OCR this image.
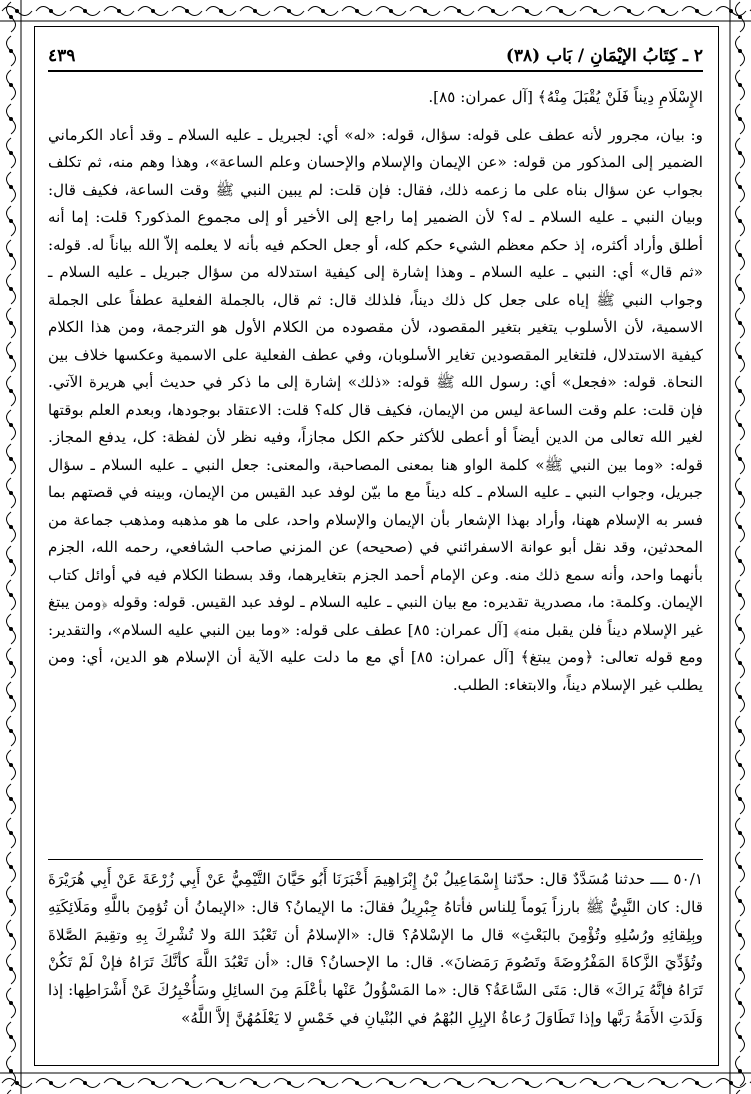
٢ ـ كِتَابُ الإيْمَانِ / بَاب (٣٨)
٤٣٩

الإِسْلَامِ دِيناً فَلَنْ يُقْبَلَ مِنْهُ﴾ [آل عمران: ٨٥].

و: بيان، مجرور لأنه عطف على قوله: سؤال، قوله: «له» أي: لجبريل ـ عليه السلام ـ وقد أعاد الكرماني الضمير إلى المذكور من قوله: «عن الإيمان والإسلام والإحسان وعلم الساعة»، وهذا وهم منه، ثم تكلف بجواب عن سؤال بناه على ما زعمه ذلك، فقال: فإن قلت: لم يبين النبي ﷺ وقت الساعة، فكيف قال: وبيان النبي ـ عليه السلام ـ له؟ لأن الضمير إما راجع إلى الأخير أو إلى مجموع المذكور؟ قلت: إما أنه أطلق وأراد أكثره، إذ حكم معظم الشيء حكم كله، أو جعل الحكم فيه بأنه لا يعلمه إلاّ الله بياناً له. قوله: «ثم قال» أي: النبي ـ عليه السلام ـ وهذا إشارة إلى كيفية استدلاله من سؤال جبريل ـ عليه السلام ـ وجواب النبي ﷺ إياه على جعل كل ذلك ديناً، فلذلك قال: ثم قال، بالجملة الفعلية عطفاً على الجملة الاسمية، لأن الأسلوب يتغير بتغير المقصود، لأن مقصوده من الكلام الأول هو الترجمة، ومن هذا الكلام كيفية الاستدلال، فلتغاير المقصودين تغاير الأسلوبان، وفي عطف الفعلية على الاسمية وعكسها خلاف بين النحاة. قوله: «فجعل» أي: رسول الله ﷺ قوله: «ذلك» إشارة إلى ما ذكر في حديث أبي هريرة الآتي. فإن قلت: علم وقت الساعة ليس من الإيمان، فكيف قال كله؟ قلت: الاعتقاد بوجودها، وبعدم العلم بوقتها لغير الله تعالى من الدين أيضاً أو أعطى للأكثر حكم الكل مجازاً، وفيه نظر لأن لفظة: كل، يدفع المجاز. قوله: «وما بين النبي ﷺ» كلمة الواو هنا بمعنى المصاحبة، والمعنى: جعل النبي ـ عليه السلام ـ سؤال جبريل، وجواب النبي ـ عليه السلام ـ كله ديناً مع ما بيّن لوفد عبد القيس من الإيمان، وبينه في قصتهم بما فسر به الإسلام ههنا، وأراد بهذا الإشعار بأن الإيمان والإسلام واحد، على ما هو مذهبه ومذهب جماعة من المحدثين، وقد نقل أبو عوانة الاسفرائني في (صحيحه) عن المزني صاحب الشافعي، رحمه الله، الجزم بأنهما واحد، وأنه سمع ذلك منه. وعن الإمام أحمد الجزم بتغايرهما، وقد بسطنا الكلام فيه في أوائل كتاب الإيمان. وكلمة: ما، مصدرية تقديره: مع بيان النبي ـ عليه السلام ـ لوفد عبد القيس. قوله: وقوله ﴿ومن يبتغ غير الإسلام ديناً فلن يقبل منه﴾ [آل عمران: ٨٥] عطف على قوله: «وما بين النبي عليه السلام»، والتقدير: ومع قوله تعالى: ﴿ومن يبتغ﴾ [آل عمران: ٨٥] أي مع ما دلت عليه الآية أن الإسلام هو الدين، أي: ومن يطلب غير الإسلام ديناً، والابتغاء: الطلب.

٥٠/١ ــــ حدثنا مُسَدَّدٌ قال: حدّثنا إِسْمَاعِيلُ بْنُ إِبْرَاهِيمَ أَخْبَرَنَا أَبُو حَيَّانَ التَّيْمِيُّ عَنْ أَبِي زُرْعَةَ عَنْ أَبِي هُرَيْرَةَ قال: كان النَّبِيُّ ﷺ بارزاً يَوماً لِلناس فأتاهُ جِبْرِيلُ فقالَ: ما الإيمانُ؟ قال: «الإيمانُ أن تُؤمِنَ باللَّهِ ومَلَائِكَتِهِ وبِلِقائِهِ ورُسُلِهِ وتُؤْمِنَ بالبَعْثِ» قال ما الإسْلامُ؟ قال: «الإسلامُ أن تَعْبُدَ اللهَ ولا تُشْرِكَ بِهِ وتقِيمَ الصَّلاةَ وتُؤَدِّيَ الزَّكاةَ المَفْرُوضَةَ وتَصُومَ رَمَضانَ». قال: ما الإحسانُ؟ قال: «أن تَعْبُدَ اللَّهَ كأنَّكَ تَرَاهُ فإنْ لَمْ تَكُنْ تَرَاهُ فإنَّهُ يَراكَ» قال: مَتَى السَّاعَةُ؟ قال: «ما المَسْؤُولُ عَنْها بأعْلَمَ مِنَ السائِلِ وسَأُخْبِرُكَ عَنْ أَشْرَاطِها: إذا وَلَدَتِ الأَمَةُ رَبَّها وإذا تَطَاوَلَ رُعاةُ الإبِلِ البُهْمُ في البُنْيانِ في خَمْسٍ لا يَعْلَمُهُنَّ إلاَّ اللَّهُ»
